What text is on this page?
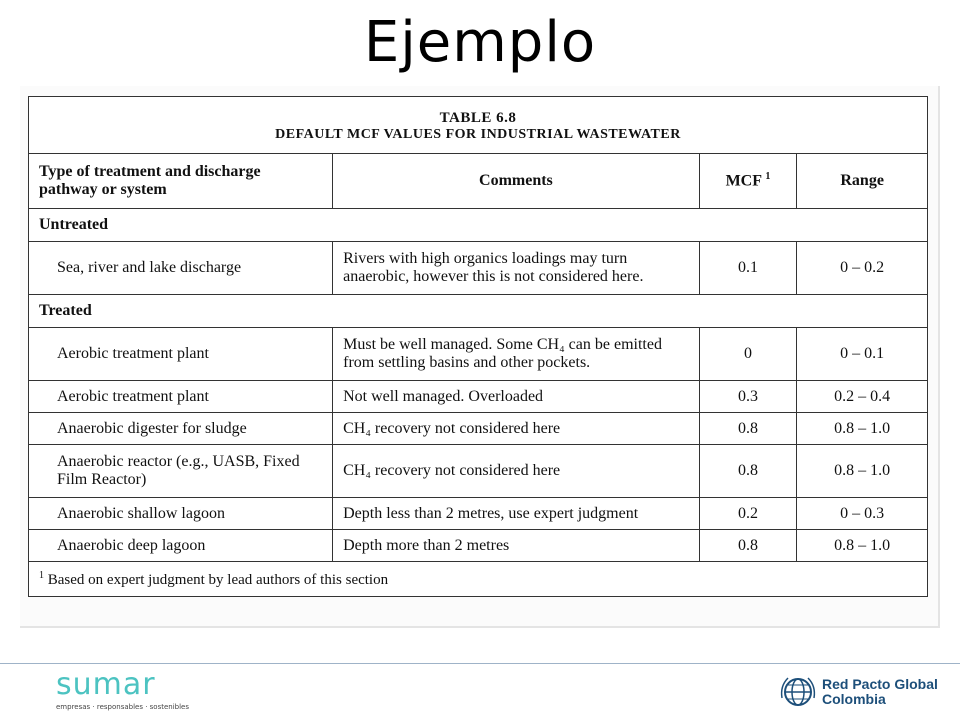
Ejemplo
TABLE 6.8
DEFAULT MCF VALUES FOR INDUSTRIAL WASTEWATER			

Type of treatment and discharge pathway or system	Comments	MCF $^1$	Range
Untreated			
Sea, river and lake discharge	Rivers with high organics loadings may turn anaerobic, however this is not considered here.	0.1	0 – 0.2
Treated			
Aerobic treatment plant	Must be well managed. Some CH₄ can be emitted from settling basins and other pockets.	0	0 – 0.1
Aerobic treatment plant	Not well managed. Overloaded	0.3	0.2 – 0.4
Anaerobic digester for sludge	CH₄ recovery not considered here	0.8	0.8 – 1.0
Anaerobic reactor (e.g., UASB, Fixed Film Reactor)	CH₄ recovery not considered here	0.8	0.8 – 1.0
Anaerobic shallow lagoon	Depth less than 2 metres, use expert judgment	0.2	0 – 0.3
Anaerobic deep lagoon	Depth more than 2 metres	0.8	0.8 – 1.0
$^1$ Based on expert judgment by lead authors of this section			
sumar
empresas · responsables · sostenibles
Red Pacto Global
Colombia
